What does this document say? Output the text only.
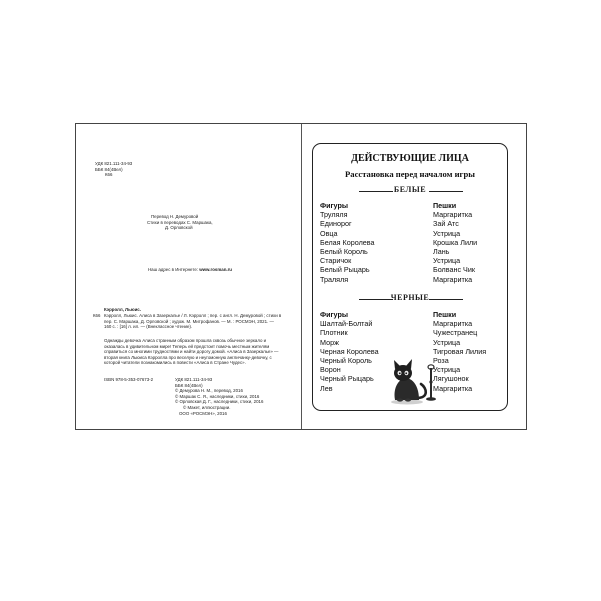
УДК 821.111-34-93
ББК 84(4Вел)
К66
Перевод Н. Демуровой
Стихи в переводах С. Маршака,
Д. Орловской
Наш адрес в Интернете: www.rosman.ru
Кэрролл, Льюис.
К66 Кэрролл, Льюис. Алиса в Зазеркалье / Л. Кэрролл ; пер. с англ. Н. Демуровой ; стихи в пер. С. Маршака, Д. Орловской ; худож. М. Митрофанов. — М. : РОСМЭН, 2021. — 160 с. : [16] л. ил. — (Внеклассное чтение).
Однажды девочка Алиса странным образом прошла сквозь обычное зеркало и оказалась в удивительном мире! Теперь ей предстоит помочь местным жителям справиться со многими трудностями и найти дорогу домой. «Алиса в Зазеркалье» — вторая книга Льюиса Кэрролла про веселую и неугомонную англичанку-девочку, с которой читатели познакомились в повести «Алиса в Стране Чудес».
ISBN 978-5-353-07673-2	УДК 821.111-34-93
ББК 84(4Вел)
© Демурова Н. М., перевод, 2016
© Маршак С. Я., наследники, стихи, 2016
© Орловская Д. Г., наследники, стихи, 2016
© Макет, иллюстрации.
ООО «РОСМЭН», 2016
ДЕЙСТВУЮЩИЕ ЛИЦА
Расстановка перед началом игры
БЕЛЫЕ
Фигуры
Труляля
Единорог
Овца
Белая Королева
Белый Король
Старичок
Белый Рыцарь
Траляля
Пешки
Маргаритка
Зай Атс
Устрица
Крошка Лили
Лань
Устрица
Болванс Чик
Маргаритка
ЧЕРНЫЕ
Фигуры
Шалтай-Болтай
Плотник
Морж
Черная Королева
Черный Король
Ворон
Черный Рыцарь
Лев
Пешки
Маргаритка
Чужестранец
Устрица
Тигровая Лилия
Роза
Устрица
Лягушонок
Маргаритка
